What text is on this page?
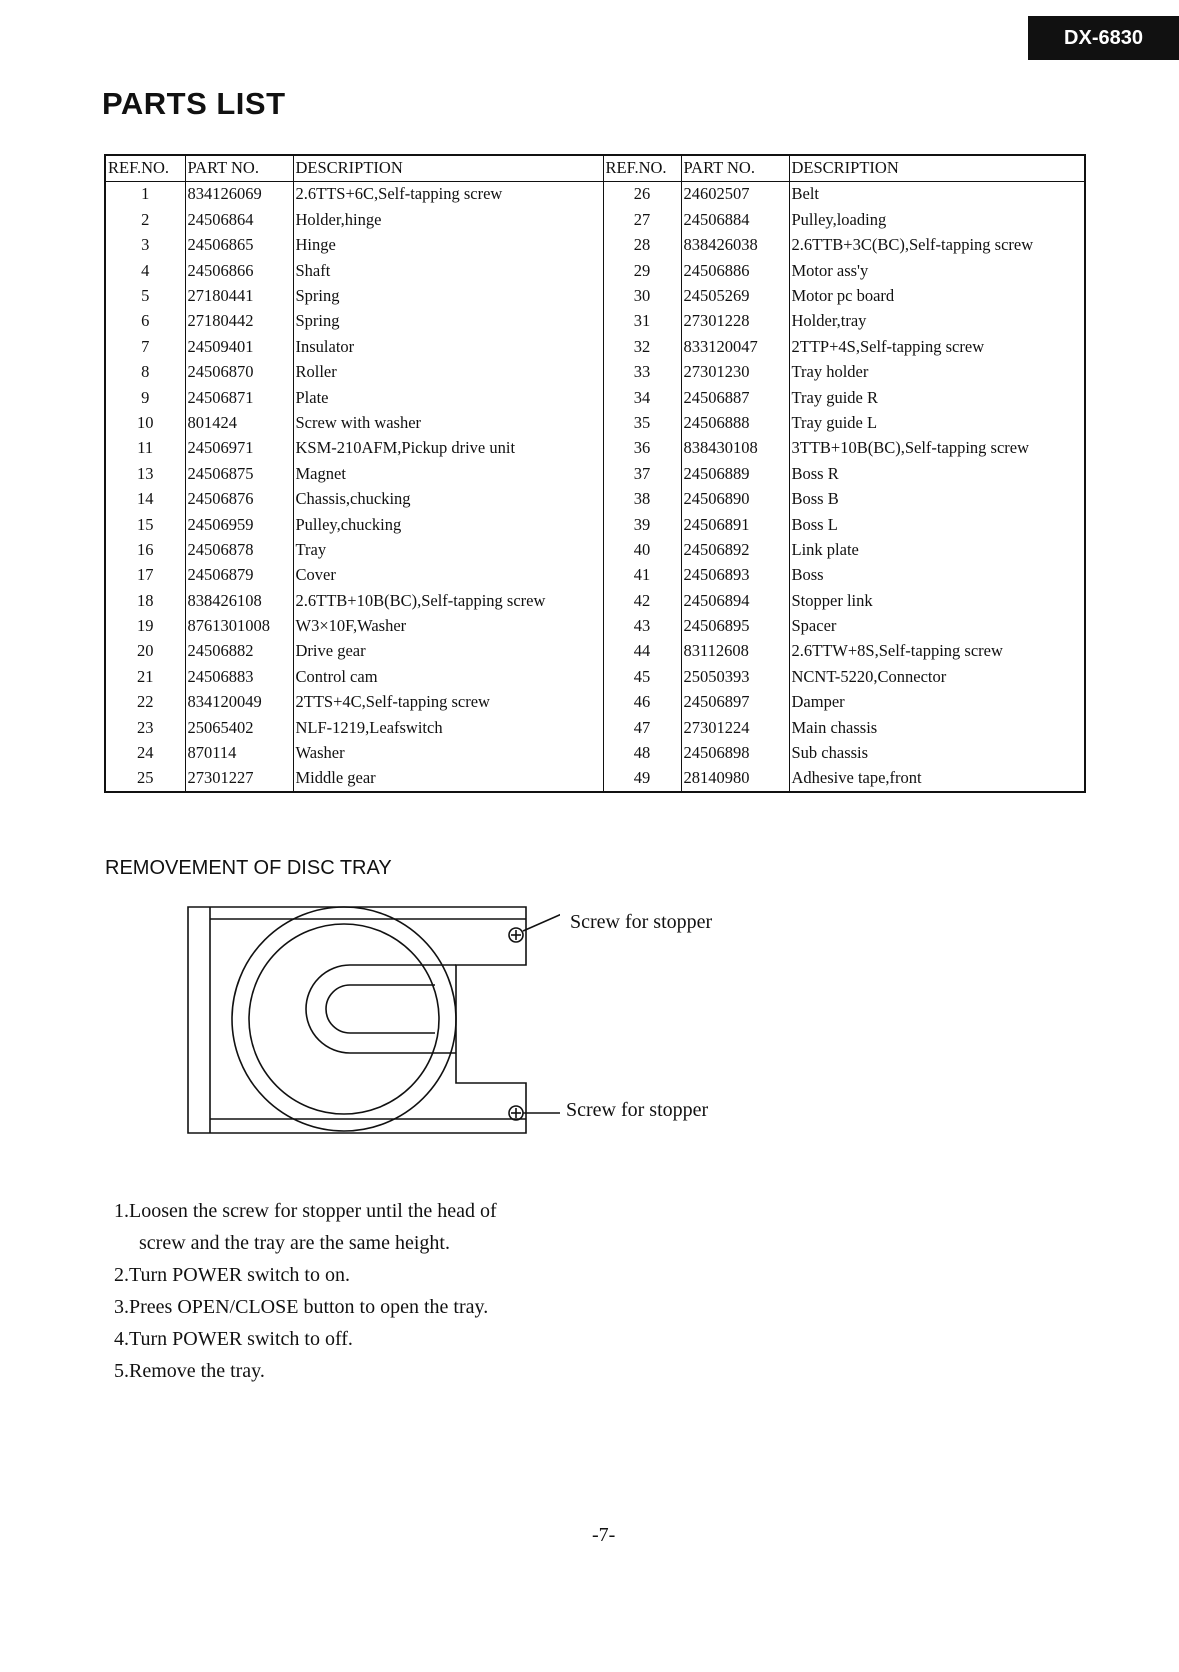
DX-6830
PARTS LIST
REF.NO.	PART NO.	DESCRIPTION	REF.NO.	PART NO.	DESCRIPTION
1	834126069	2.6TTS+6C,Self-tapping screw	26	24602507	Belt
2	24506864	Holder,hinge	27	24506884	Pulley,loading
3	24506865	Hinge	28	838426038	2.6TTB+3C(BC),Self-tapping screw
4	24506866	Shaft	29	24506886	Motor ass'y
5	27180441	Spring	30	24505269	Motor pc board
6	27180442	Spring	31	27301228	Holder,tray
7	24509401	Insulator	32	833120047	2TTP+4S,Self-tapping screw
8	24506870	Roller	33	27301230	Tray holder
9	24506871	Plate	34	24506887	Tray guide R
10	801424	Screw with washer	35	24506888	Tray guide L
11	24506971	KSM-210AFM,Pickup drive unit	36	838430108	3TTB+10B(BC),Self-tapping screw
13	24506875	Magnet	37	24506889	Boss R
14	24506876	Chassis,chucking	38	24506890	Boss B
15	24506959	Pulley,chucking	39	24506891	Boss L
16	24506878	Tray	40	24506892	Link plate
17	24506879	Cover	41	24506893	Boss
18	838426108	2.6TTB+10B(BC),Self-tapping screw	42	24506894	Stopper link
19	8761301008	W3×10F,Washer	43	24506895	Spacer
20	24506882	Drive gear	44	83112608	2.6TTW+8S,Self-tapping screw
21	24506883	Control cam	45	25050393	NCNT-5220,Connector
22	834120049	2TTS+4C,Self-tapping screw	46	24506897	Damper
23	25065402	NLF-1219,Leafswitch	47	27301224	Main chassis
24	870114	Washer	48	24506898	Sub chassis
25	27301227	Middle gear	49	28140980	Adhesive tape,front
REMOVEMENT OF DISC TRAY
Screw for stopper
Screw for stopper
1.Loosen the screw for stopper until the head of
screw and the tray are the same height.
2.Turn POWER switch to on.
3.Prees OPEN/CLOSE button to open the tray.
4.Turn POWER switch to off.
5.Remove the tray.
-7-
